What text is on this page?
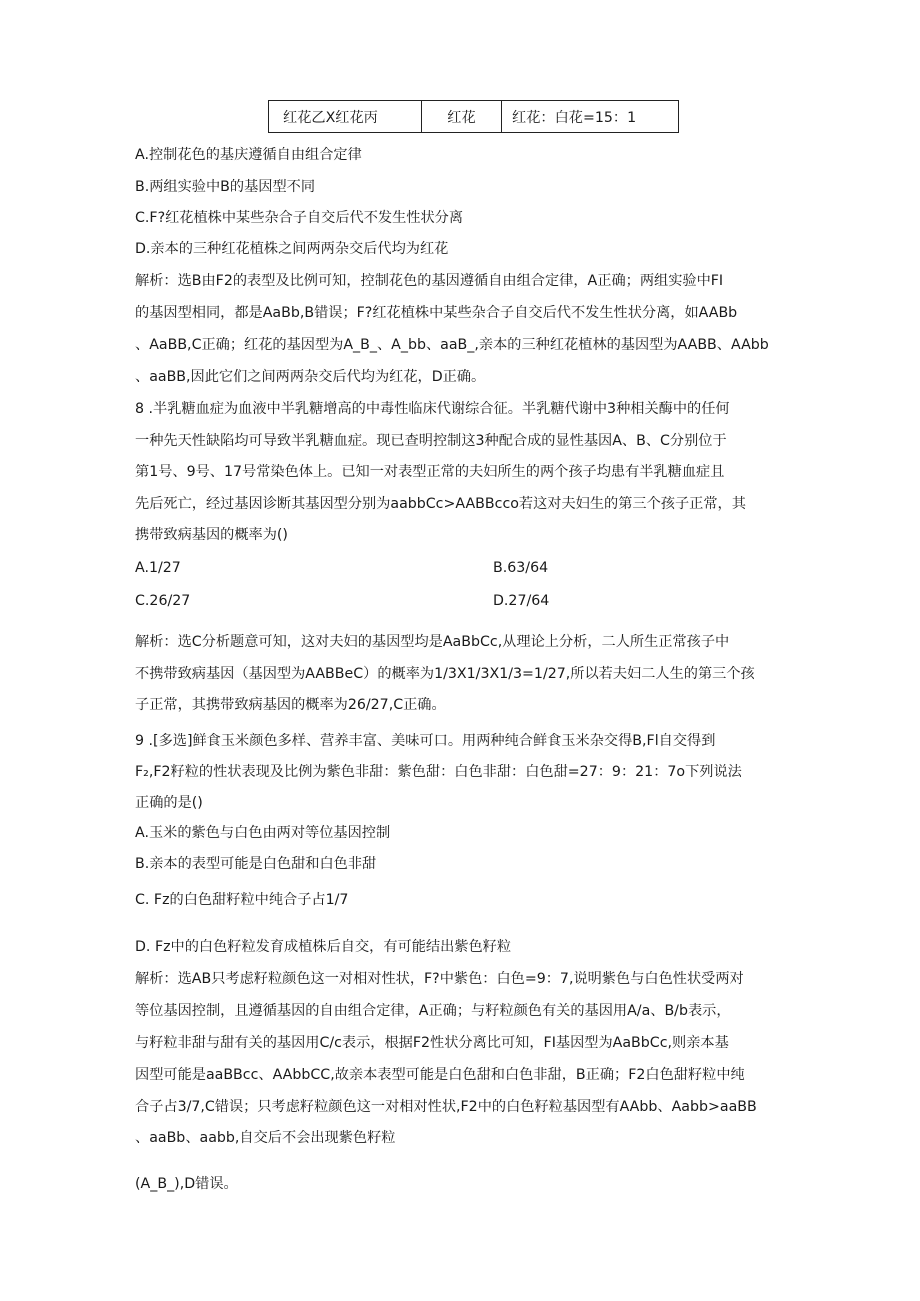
红花乙X红花丙	红花	红花：白花=15：1
A.控制花色的基庆遵循自由组合定律
B.两组实验中B的基因型不同
C.F?红花植株中某些杂合子自交后代不发生性状分离
D.亲本的三种红花植株之间两两杂交后代均为红花
解析：选B由F2的表型及比例可知，控制花色的基因遵循自由组合定律，A正确；两组实验中FI
的基因型相同，都是AaBb,B错误；F?红花植株中某些杂合子自交后代不发生性状分离，如AABb
、AaBB,C正确；红花的基因型为A_B_、A_bb、aaB_,亲本的三种红花植林的基因型为AABB、AAbb
、aaBB,因此它们之间两两杂交后代均为红花，D正确。
8 .半乳糖血症为血液中半乳糖增高的中毒性临床代谢综合征。半乳糖代谢中3种相关酶中的任何
一种先天性缺陷均可导致半乳糖血症。现已查明控制这3种配合成的显性基因A、B、C分别位于
第1号、9号、17号常染色体上。已知一对表型正常的夫妇所生的两个孩子均患有半乳糖血症且
先后死亡，经过基因诊断其基因型分别为aabbCc>AABBcco若这对夫妇生的第三个孩子正常，其
携带致病基因的概率为()
A.1/27	B.63/64
C.26/27	D.27/64
解析：选C分析题意可知，这对夫妇的基因型均是AaBbCc,从理论上分析，二人所生正常孩子中
不携带致病基因（基因型为AABBeC）的概率为1/3X1/3X1/3=1/27,所以若夫妇二人生的第三个孩
子正常，其携带致病基因的概率为26/27,C正确。
9 .[多选]鲜食玉米颜色多样、营养丰富、美味可口。用两种纯合鲜食玉米杂交得B,Fl自交得到
F₂,F2籽粒的性状表现及比例为紫色非甜：紫色甜：白色非甜：白色甜=27：9：21：7o下列说法
正确的是()
A.玉米的紫色与白色由两对等位基因控制
B.亲本的表型可能是白色甜和白色非甜
C. Fz的白色甜籽粒中纯合子占1/7
D. Fz中的白色籽粒发育成植株后自交，有可能结出紫色籽粒
解析：选AB只考虑籽粒颜色这一对相对性状，F?中紫色：白色=9：7,说明紫色与白色性状受两对
等位基因控制，且遵循基因的自由组合定律，A正确；与籽粒颜色有关的基因用A/a、B/b表示，
与籽粒非甜与甜有关的基因用C/c表示，根据F2性状分离比可知，FI基因型为AaBbCc,则亲本基
因型可能是aaBBcc、AAbbCC,故亲本表型可能是白色甜和白色非甜，B正确；F2白色甜籽粒中纯
合子占3/7,C错误；只考虑籽粒颜色这一对相对性状,F2中的白色籽粒基因型有AAbb、Aabb>aaBB
、aaBb、aabb,自交后不会出现紫色籽粒
(A_B_),D错误。
